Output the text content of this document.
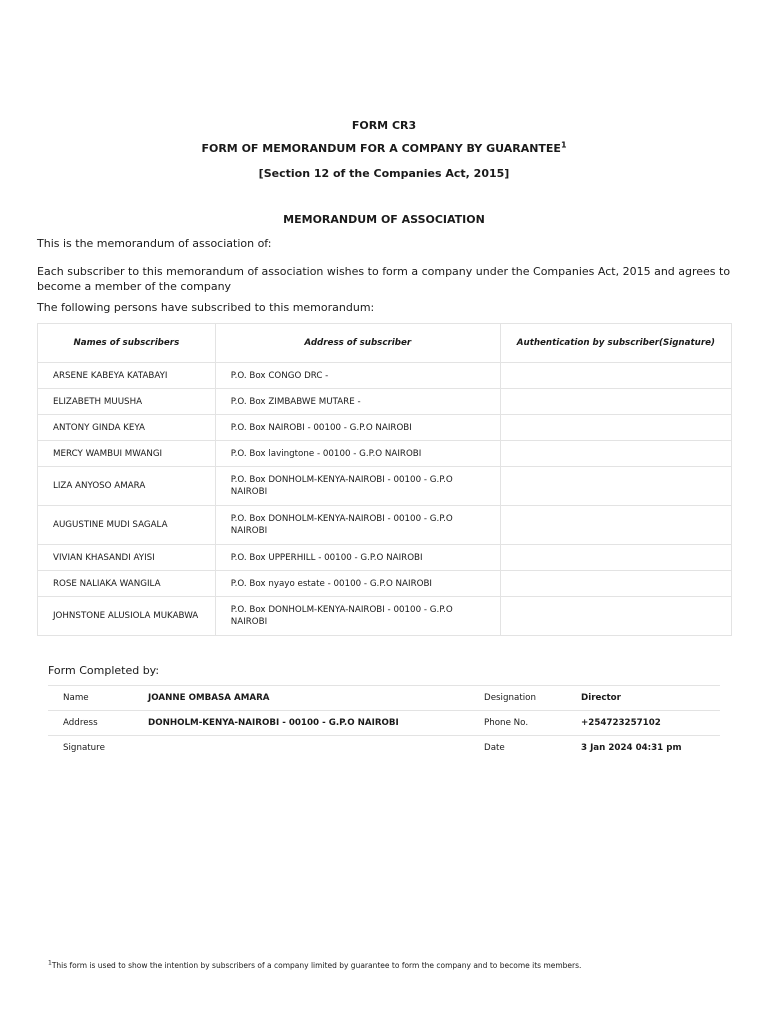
FORM CR3
FORM OF MEMORANDUM FOR A COMPANY BY GUARANTEE$^1$
[Section 12 of the Companies Act, 2015]
MEMORANDUM OF ASSOCIATION
This is the memorandum of association of:
Each subscriber to this memorandum of association wishes to form a company under the Companies Act, 2015 and agrees to become a member of the company
The following persons have subscribed to this memorandum:
Names of subscribers	Address of subscriber	Authentication by subscriber(Signature)
ARSENE KABEYA KATABAYI	P.O. Box CONGO DRC -	
ELIZABETH MUUSHA	P.O. Box ZIMBABWE MUTARE -	
ANTONY GINDA KEYA	P.O. Box NAIROBI - 00100 - G.P.O NAIROBI	
MERCY WAMBUI MWANGI	P.O. Box lavingtone - 00100 - G.P.O NAIROBI	
LIZA ANYOSO AMARA	P.O. Box DONHOLM-KENYA-NAIROBI - 00100 - G.P.O NAIROBI	
AUGUSTINE MUDI SAGALA	P.O. Box DONHOLM-KENYA-NAIROBI - 00100 - G.P.O NAIROBI	
VIVIAN KHASANDI AYISI	P.O. Box UPPERHILL - 00100 - G.P.O NAIROBI	
ROSE NALIAKA WANGILA	P.O. Box nyayo estate - 00100 - G.P.O NAIROBI	
JOHNSTONE ALUSIOLA MUKABWA	P.O. Box DONHOLM-KENYA-NAIROBI - 00100 - G.P.O NAIROBI	
Form Completed by:
Name	JOANNE OMBASA AMARA	Designation	Director
Address	DONHOLM-KENYA-NAIROBI - 00100 - G.P.O NAIROBI	Phone No.	+254723257102
Signature		Date	3 Jan 2024 04:31 pm
$^1$This form is used to show the intention by subscribers of a company limited by guarantee to form the company and to become its members.
